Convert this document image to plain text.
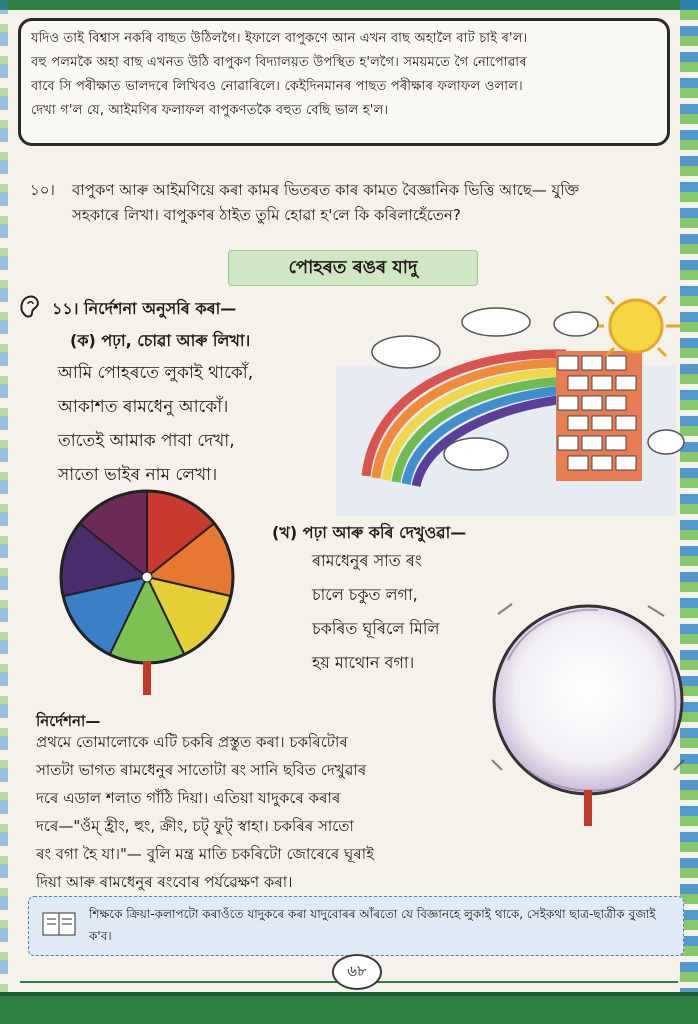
যদিও তাই বিশ্বাস নকৰি বাছত উঠিলগৈ। ইফালে বাপুকণে আন এখন বাছ অহালৈ বাট চাই ৰ'ল।

বহু পলমকৈ অহা বাছ এখনত উঠি বাপুকণ বিদ্যালয়ত উপস্থিত হ'লগৈ। সময়মতে গৈ নোপোৱাৰ

বাবে সি পৰীক্ষাত ভালদৰে লিখিবও নোৱাৰিলে। কেইদিনমানৰ পাছত পৰীক্ষাৰ ফলাফল ওলাল।

দেখা গ'ল যে, আইমণিৰ ফলাফল বাপুকণতকৈ বহুত বেছি ভাল হ'ল।

১০। বাপুকণ আৰু আইমণিয়ে কৰা কামৰ ভিতৰত কাৰ কামত বৈজ্ঞানিক ভিত্তি আছে— যুক্তি
সহকাৰে লিখা। বাপুকণৰ ঠাইত তুমি হোৱা হ'লে কি কৰিলাহেঁতেন?
পোহৰত ৰঙৰ যাদু
১১। নিৰ্দেশনা অনুসৰি কৰা—
(ক) পঢ়া, চোৱা আৰু লিখা।
আমি পোহৰতে লুকাই থাকোঁ,
আকাশত ৰামধেনু আকোঁ।
তাতেই আমাক পাবা দেখা,
সাতো ভাইৰ নাম লেখা।
(খ) পঢ়া আৰু কৰি দেখুওৱা—
ৰামধেনুৰ সাত ৰং
চালে চকুত লগা,
চকৰিত ঘূৰিলে মিলি
হয় মাথোন বগা।
নিৰ্দেশনা—
প্ৰথমে তোমালোকে এটি চকৰি প্ৰস্তুত কৰা। চকৰিটোৰ
সাতটা ভাগত ৰামধেনুৰ সাতোটা ৰং সানি ছবিত দেখুৱাৰ
দৰে এডাল শলাত গাঁঠি দিয়া। এতিয়া যাদুকৰে কৰাৰ
দৰে—"ওঁম্ হ্ৰীং, হুং, ক্ৰীং, চট্ ফুট্ স্বাহা। চকৰিৰ সাতো
ৰং বগা হৈ যা।"— বুলি মন্ত্ৰ মাতি চকৰিটো জোৰেৰে ঘূৰাই
দিয়া আৰু ৰামধেনুৰ ৰংবোৰ পৰ্যৱেক্ষণ কৰা।
শিক্ষকে ক্ৰিয়া-কলাপটো কৰাওঁতে যাদুকৰে কৰা যাদুবোৰৰ আঁৰতো যে বিজ্ঞানহে লুকাই থাকে, সেইকথা ছাত্ৰ-ছাত্ৰীক বুজাই ক'ব।
৬৮
